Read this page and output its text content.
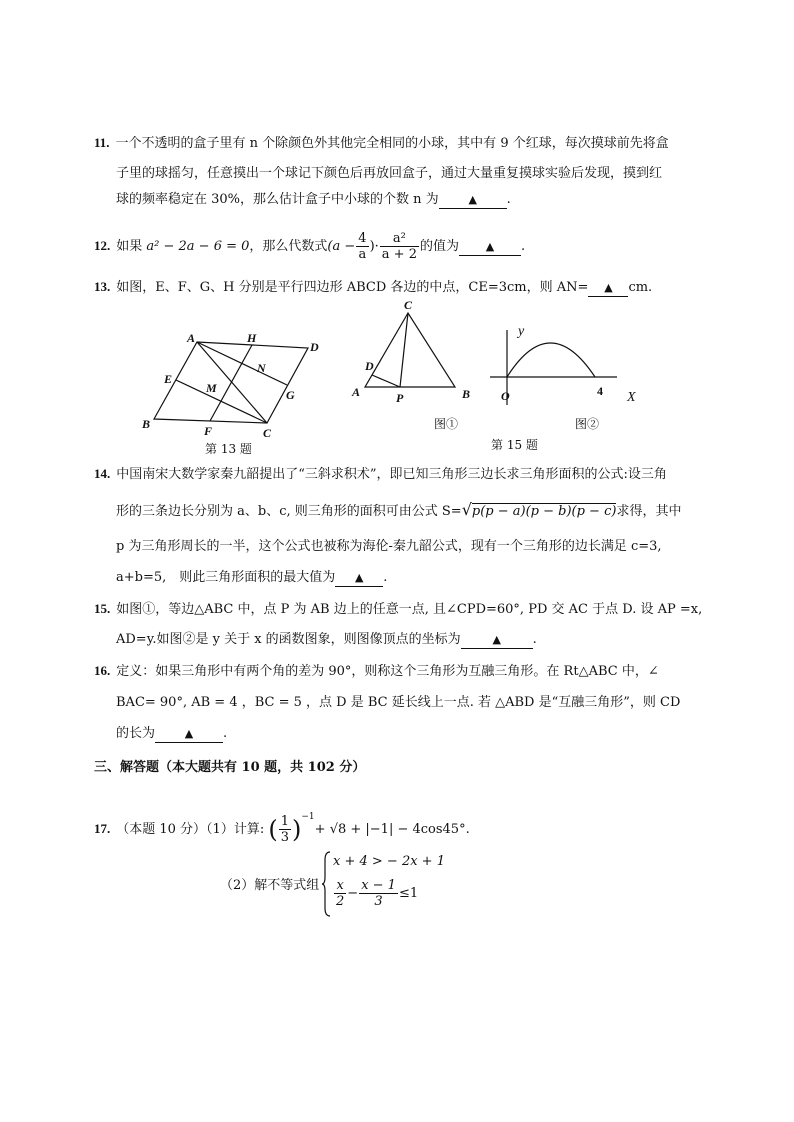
11. 一个不透明的盒子里有 n 个除颜色外其他完全相同的小球，其中有 9 个红球，每次摸球前先将盒
子里的球摇匀，任意摸出一个球记下颜色后再放回盒子，通过大量重复摸球实验后发现，摸到红
球的频率稳定在 30%，那么估计盒子中小球的个数 n 为	▲ .
12. 如果 a² − 2a − 6 = 0，那么代数式($a - \frac{4}{a}$ )· $\frac{\text{a²}}{a + 2}$ 的值为 ▲ .
13. 如图，E、F、G、H 分别是平行四边形 ABCD 各边的中点，CE=3cm，则 AN= ▲ cm.
A	H
D
E
N
M	G
B	F	C
第 13 题
C
D
A	P	B
图①
y
O	4 X
图②
第 15 题
14. 中国南宋大数学家秦九韶提出了“三斜求积术”，即已知三角形三边长求三角形面积的公式:设三角
形的三条边长分别为 a、b、c, 则三角形的面积可由公式 S=√p(p − a)(p − b)(p − c)求得，其中
p 为三角形周长的一半，这个公式也被称为海伦-秦九韶公式，现有一个三角形的边长满足 c=3,
a+b=5,　则此三角形面积的最大值为 ▲ .
15. 如图①，等边△ABC 中，点 P 为 AB 边上的任意一点, 且∠CPD=60°, PD 交 AC 于点 D. 设 AP =x,
AD=y.如图②是 y 关于 x 的函数图象，则图像顶点的坐标为	▲ .
16. 定义：如果三角形中有两个角的差为 90°，则称这个三角形为互融三角形。在 Rt△ABC 中，∠
BAC= 90°, AB = 4 ，BC = 5 ，点 D 是 BC 延长线上一点. 若 △ABD 是“互融三角形”，则 CD
的长为	▲ .
三、解答题（本大题共有 10 题，共 102 分）
17. （本题 10 分）（1）计算: ( $\frac{1}{3} )^{-1}+ √8 + |-1| - 4\cos 45^\circ$.
（2）解不等式组
x + 4 > − 2x + 1
$\frac{x}{2} - \frac{x - 1}{3} \le 1$
